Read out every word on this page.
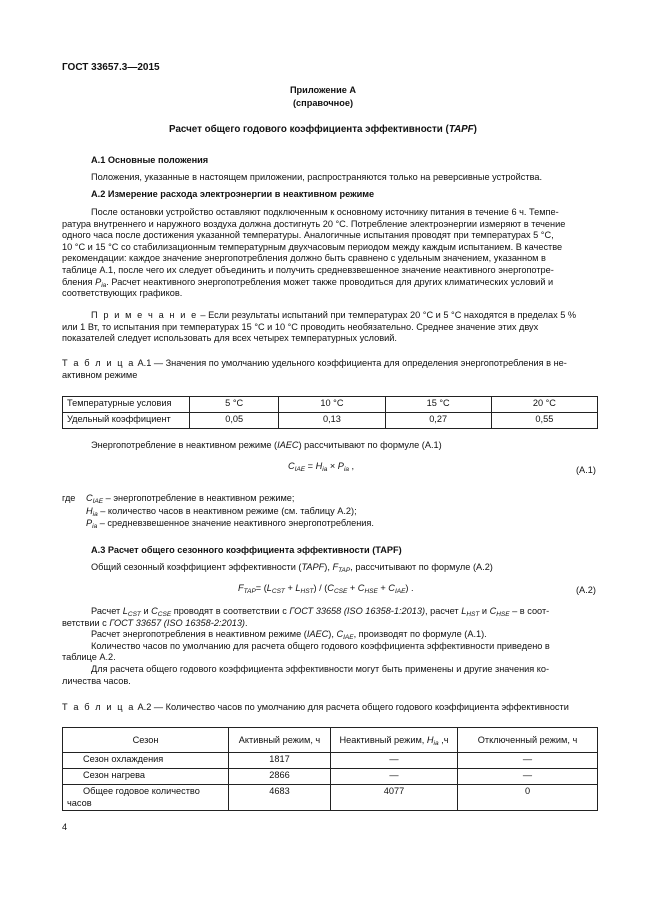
ГОСТ 33657.3—2015
Приложение А
(справочное)
Расчет общего годового коэффициента эффективности (TAPF)
А.1 Основные положения
Положения, указанные в настоящем приложении, распространяются только на реверсивные устройства.
А.2 Измерение расхода электроэнергии в неактивном режиме
После остановки устройство оставляют подключенным к основному источнику питания в течение 6 ч. Темпе-
ратура внутреннего и наружного воздуха должна достигнуть 20 °С. Потребление электроэнергии измеряют в течение
одного часа после достижения указанной температуры. Аналогичные испытания проводят при температурах 5 °С,
10 °С и 15 °С со стабилизационным температурным двухчасовым периодом между каждым испытанием. В качестве
рекомендации: каждое значение энергопотребления должно быть сравнено с удельным значением, указанном в
таблице А.1, после чего их следует объединить и получить средневзвешенное значение неактивного энергопотре-
бления $P_{ia}$. Расчет неактивного энергопотребления может также проводиться для других климатических условий и
соответствующих графиков.
П р и м е ч а н и е – Если результаты испытаний при температурах 20 °С и 5 °С находятся в пределах 5 %
или 1 Вт, то испытания при температурах 15 °С и 10 °С проводить необязательно. Среднее значение этих двух
показателей следует использовать для всех четырех температурных условий.
Т а б л и ц а А.1 — Значения по умолчанию удельного коэффициента для определения энергопотребления в не-
активном режиме
Температурные условия	5 °С	10 °С	15 °С	20 °С
Удельный коэффициент	0,05	0,13	0,27	0,55
Энергопотребление в неактивном режиме (IAEC) рассчитывают по формуле (А.1)
$C_{IAE} = H_{ia} \times P_{ia}$ ,	(А.1)
где $C_{IAE}$ – энергопотребление в неактивном режиме;
$H_{ia}$ – количество часов в неактивном режиме (см. таблицу А.2);
$P_{ia}$ – средневзвешенное значение неактивного энергопотребления.
А.3 Расчет общего сезонного коэффициента эффективности (TAPF)
Общий сезонный коэффициент эффективности (TAPF), $F_{TAP}$, рассчитывают по формуле (А.2)
$F_{TAP}= (L_{CST} + L_{HST}) / (C_{CSE} + C_{HSE} + C_{IAE})$ .	(А.2)
Расчет $L_{CST}$ и $C_{CSE}$ проводят в соответствии с ГОСТ 33658 (ISO 16358-1:2013), расчет $L_{HST}$ и $C_{HSE}$ – в соот-
ветствии с ГОСТ 33657 (ISO 16358-2:2013).
Расчет энергопотребления в неактивном режиме (IAEC), $C_{IAE}$, производят по формуле (А.1).
Количество часов по умолчанию для расчета общего годового коэффициента эффективности приведено в
таблице А.2.
Для расчета общего годового коэффициента эффективности могут быть применены и другие значения ко-
личества часов.
Т а б л и ц а А.2 — Количество часов по умолчанию для расчета общего годового коэффициента эффективности
Сезон	Активный режим, ч	Неактивный режим, $H_{ia}$ ,ч	Отключенный режим, ч
Сезон охлаждения	1817	—	—
Сезон нагрева	2866	—	—

Общее годовое количество
часов	4683	4077	0
4
